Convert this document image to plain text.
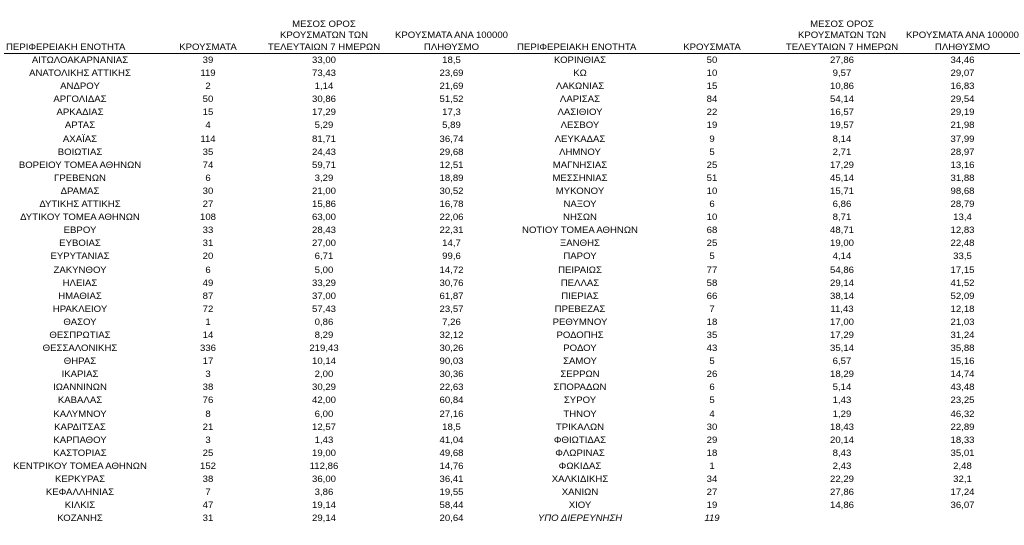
ΠΕΡΙΦΕΡΕΙΑΚΗ ΕΝΟΤΗΤΑ	ΚΡΟΥΣΜΑΤΑ	ΜΕΣΟΣ ΟΡΟΣ ΚΡΟΥΣΜΑΤΩΝ ΤΩΝ ΤΕΛΕΥΤΑΙΩΝ 7 ΗΜΕΡΩΝ	ΚΡΟΥΣΜΑΤΑ ΑΝΑ 100000 ΠΛΗΘΥΣΜΟ
ΑΙΤΩΛΟΑΚΑΡΝΑΝΙΑΣ	39	33,00	18,5
ΑΝΑΤΟΛΙΚΗΣ ΑΤΤΙΚΗΣ	119	73,43	23,69
ΑΝΔΡΟΥ	2	1,14	21,69
ΑΡΓΟΛΙΔΑΣ	50	30,86	51,52
ΑΡΚΑΔΙΑΣ	15	17,29	17,3
ΑΡΤΑΣ	4	5,29	5,89
ΑΧΑΪΑΣ	114	81,71	36,74
ΒΟΙΩΤΙΑΣ	35	24,43	29,68
ΒΟΡΕΙΟΥ ΤΟΜΕΑ ΑΘΗΝΩΝ	74	59,71	12,51
ΓΡΕΒΕΝΩΝ	6	3,29	18,89
ΔΡΑΜΑΣ	30	21,00	30,52
ΔΥΤΙΚΗΣ ΑΤΤΙΚΗΣ	27	15,86	16,78
ΔΥΤΙΚΟΥ ΤΟΜΕΑ ΑΘΗΝΩΝ	108	63,00	22,06
ΕΒΡΟΥ	33	28,43	22,31
ΕΥΒΟΙΑΣ	31	27,00	14,7
ΕΥΡΥΤΑΝΙΑΣ	20	6,71	99,6
ΖΑΚΥΝΘΟΥ	6	5,00	14,72
ΗΛΕΙΑΣ	49	33,29	30,76
ΗΜΑΘΙΑΣ	87	37,00	61,87
ΗΡΑΚΛΕΙΟΥ	72	57,43	23,57
ΘΑΣΟΥ	1	0,86	7,26
ΘΕΣΠΡΩΤΙΑΣ	14	8,29	32,12
ΘΕΣΣΑΛΟΝΙΚΗΣ	336	219,43	30,26
ΘΗΡΑΣ	17	10,14	90,03
ΙΚΑΡΙΑΣ	3	2,00	30,36
ΙΩΑΝΝΙΝΩΝ	38	30,29	22,63
ΚΑΒΑΛΑΣ	76	42,00	60,84
ΚΑΛΥΜΝΟΥ	8	6,00	27,16
ΚΑΡΔΙΤΣΑΣ	21	12,57	18,5
ΚΑΡΠΑΘΟΥ	3	1,43	41,04
ΚΑΣΤΟΡΙΑΣ	25	19,00	49,68
ΚΕΝΤΡΙΚΟΥ ΤΟΜΕΑ ΑΘΗΝΩΝ	152	112,86	14,76
ΚΕΡΚΥΡΑΣ	38	36,00	36,41
ΚΕΦΑΛΛΗΝΙΑΣ	7	3,86	19,55
ΚΙΛΚΙΣ	47	19,14	58,44
ΚΟΖΑΝΗΣ	31	29,14	20,64
ΠΕΡΙΦΕΡΕΙΑΚΗ ΕΝΟΤΗΤΑ	ΚΡΟΥΣΜΑΤΑ	ΜΕΣΟΣ ΟΡΟΣ ΚΡΟΥΣΜΑΤΩΝ ΤΩΝ ΤΕΛΕΥΤΑΙΩΝ 7 ΗΜΕΡΩΝ	ΚΡΟΥΣΜΑΤΑ ΑΝΑ 100000 ΠΛΗΘΥΣΜΟ
ΚΟΡΙΝΘΙΑΣ	50	27,86	34,46
ΚΩ	10	9,57	29,07
ΛΑΚΩΝΙΑΣ	15	10,86	16,83
ΛΑΡΙΣΑΣ	84	54,14	29,54
ΛΑΣΙΘΙΟΥ	22	16,57	29,19
ΛΕΣΒΟΥ	19	19,57	21,98
ΛΕΥΚΑΔΑΣ	9	8,14	37,99
ΛΗΜΝΟΥ	5	2,71	28,97
ΜΑΓΝΗΣΙΑΣ	25	17,29	13,16
ΜΕΣΣΗΝΙΑΣ	51	45,14	31,88
ΜΥΚΟΝΟΥ	10	15,71	98,68
ΝΑΞΟΥ	6	6,86	28,79
ΝΗΣΩΝ	10	8,71	13,4
ΝΟΤΙΟΥ ΤΟΜΕΑ ΑΘΗΝΩΝ	68	48,71	12,83
ΞΑΝΘΗΣ	25	19,00	22,48
ΠΑΡΟΥ	5	4,14	33,5
ΠΕΙΡΑΙΩΣ	77	54,86	17,15
ΠΕΛΛΑΣ	58	29,14	41,52
ΠΙΕΡΙΑΣ	66	38,14	52,09
ΠΡΕΒΕΖΑΣ	7	11,43	12,18
ΡΕΘΥΜΝΟΥ	18	17,00	21,03
ΡΟΔΟΠΗΣ	35	17,29	31,24
ΡΟΔΟΥ	43	35,14	35,88
ΣΑΜΟΥ	5	6,57	15,16
ΣΕΡΡΩΝ	26	18,29	14,74
ΣΠΟΡΑΔΩΝ	6	5,14	43,48
ΣΥΡΟΥ	5	1,43	23,25
ΤΗΝΟΥ	4	1,29	46,32
ΤΡΙΚΑΛΩΝ	30	18,43	22,89
ΦΘΙΩΤΙΔΑΣ	29	20,14	18,33
ΦΛΩΡΙΝΑΣ	18	8,43	35,01
ΦΩΚΙΔΑΣ	1	2,43	2,48
ΧΑΛΚΙΔΙΚΗΣ	34	22,29	32,1
ΧΑΝΙΩΝ	27	27,86	17,24
ΧΙΟΥ	19	14,86	36,07
ΥΠΟ ΔΙΕΡΕΥΝΗΣΗ	119		
